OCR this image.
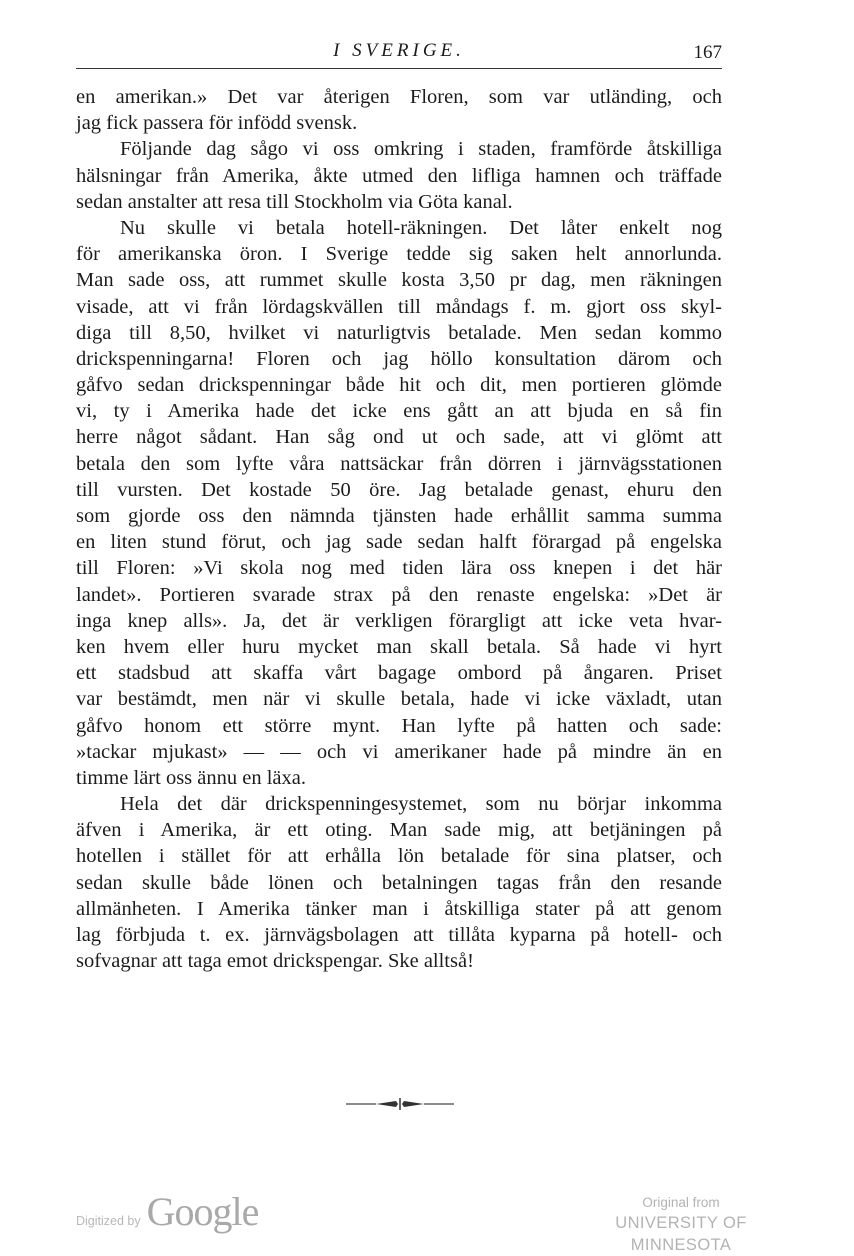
I SVERIGE.	167
en amerikan.» Det var återigen Floren, som var utländing, och
jag fick passera för infödd svensk.
Följande dag sågo vi oss omkring i staden, framförde åtskilliga
hälsningar från Amerika, åkte utmed den lifliga hamnen och träffade
sedan anstalter att resa till Stockholm via Göta kanal.
Nu skulle vi betala hotell-räkningen. Det låter enkelt nog
för amerikanska öron. I Sverige tedde sig saken helt annorlunda.
Man sade oss, att rummet skulle kosta 3,50 pr dag, men räkningen
visade, att vi från lördagskvällen till måndags f. m. gjort oss skyl-
diga till 8,50, hvilket vi naturligtvis betalade. Men sedan kommo
drickspenningarna! Floren och jag höllo konsultation därom och
gåfvo sedan drickspenningar både hit och dit, men portieren glömde
vi, ty i Amerika hade det icke ens gått an att bjuda en så fin
herre något sådant. Han såg ond ut och sade, att vi glömt att
betala den som lyfte våra nattsäckar från dörren i järnvägsstationen
till vursten. Det kostade 50 öre. Jag betalade genast, ehuru den
som gjorde oss den nämnda tjänsten hade erhållit samma summa
en liten stund förut, och jag sade sedan halft förargad på engelska
till Floren: »Vi skola nog med tiden lära oss knepen i det här
landet». Portieren svarade strax på den renaste engelska: »Det är
inga knep alls». Ja, det är verkligen förargligt att icke veta hvar-
ken hvem eller huru mycket man skall betala. Så hade vi hyrt
ett stadsbud att skaffa vårt bagage ombord på ångaren. Priset
var bestämdt, men när vi skulle betala, hade vi icke växladt, utan
gåfvo honom ett större mynt. Han lyfte på hatten och sade:
»tackar mjukast» — — och vi amerikaner hade på mindre än en
timme lärt oss ännu en läxa.
Hela det där drickspenningesystemet, som nu börjar inkomma
äfven i Amerika, är ett oting. Man sade mig, att betjäningen på
hotellen i stället för att erhålla lön betalade för sina platser, och
sedan skulle både lönen och betalningen tagas från den resande
allmänheten. I Amerika tänker man i åtskilliga stater på att genom
lag förbjuda t. ex. järnvägsbolagen att tillåta kyparna på hotell- och
sofvagnar att taga emot drickspengar. Ske alltså!
Digitized by Google	Original from
UNIVERSITY OF MINNESOTA
